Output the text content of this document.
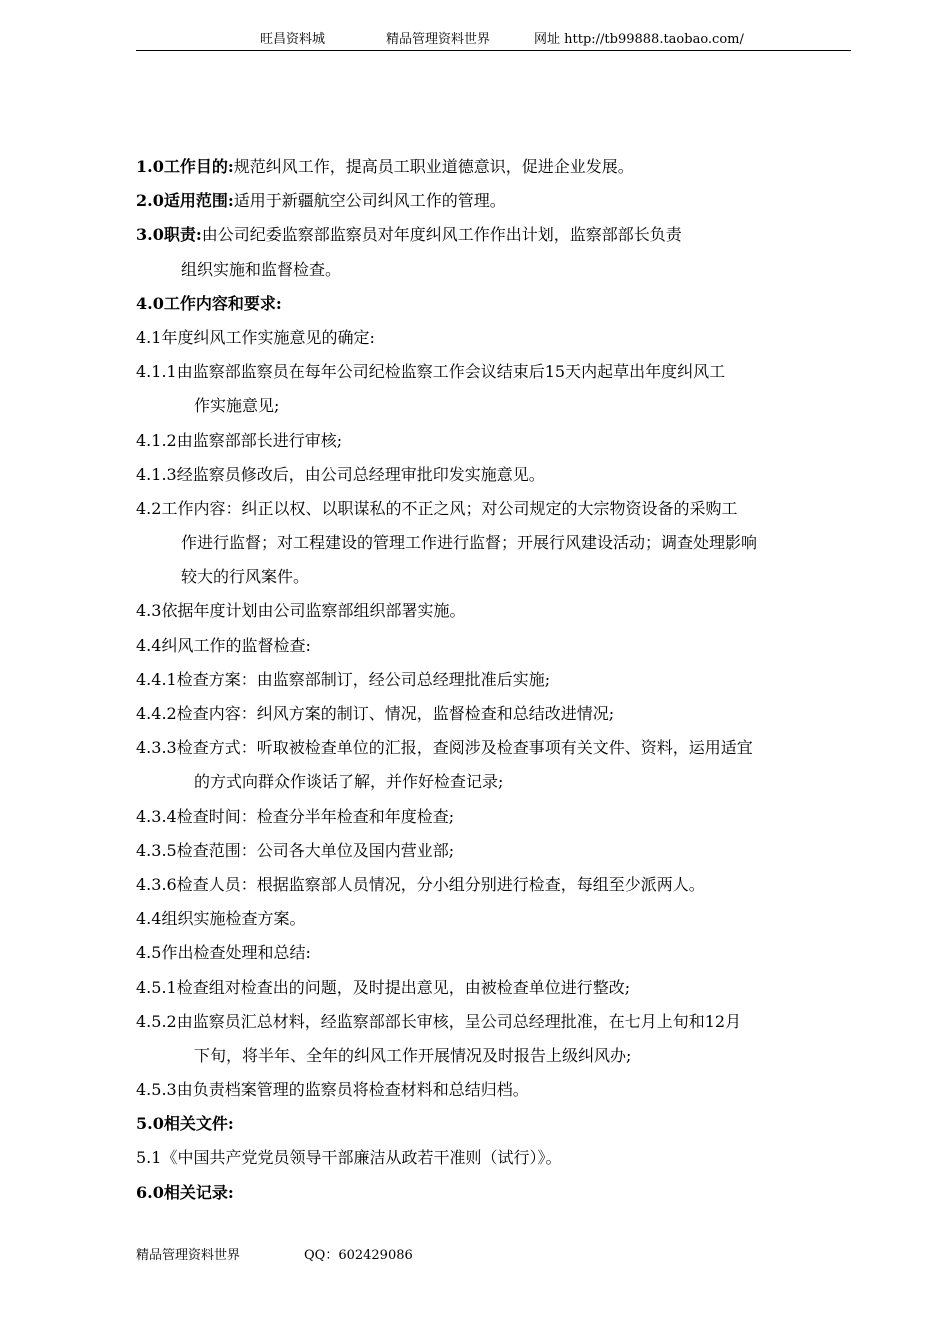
旺昌资料城	精品管理资料世界	网址 http://tb99888.taobao.com/
1.0工作目的:规范纠风工作，提高员工职业道德意识，促进企业发展。
2.0适用范围:适用于新疆航空公司纠风工作的管理。
3.0职责:由公司纪委监察部监察员对年度纠风工作作出计划，监察部部长负责
组织实施和监督检查。
4.0工作内容和要求:
4.1年度纠风工作实施意见的确定:
4.1.1由监察部监察员在每年公司纪检监察工作会议结束后15天内起草出年度纠风工
作实施意见;
4.1.2由监察部部长进行审核;
4.1.3经监察员修改后，由公司总经理审批印发实施意见。
4.2工作内容：纠正以权、以职谋私的不正之风；对公司规定的大宗物资设备的采购工
作进行监督；对工程建设的管理工作进行监督；开展行风建设活动；调查处理影响
较大的行风案件。
4.3依据年度计划由公司监察部组织部署实施。
4.4纠风工作的监督检查:
4.4.1检查方案：由监察部制订，经公司总经理批准后实施;
4.4.2检查内容：纠风方案的制订、情况，监督检查和总结改进情况;
4.3.3检查方式：听取被检查单位的汇报，查阅涉及检查事项有关文件、资料，运用适宜
的方式向群众作谈话了解，并作好检查记录;
4.3.4检查时间：检查分半年检查和年度检查;
4.3.5检查范围：公司各大单位及国内营业部;
4.3.6检查人员：根据监察部人员情况，分小组分别进行检查，每组至少派两人。
4.4组织实施检查方案。
4.5作出检查处理和总结:
4.5.1检查组对检查出的问题，及时提出意见，由被检查单位进行整改;
4.5.2由监察员汇总材料，经监察部部长审核，呈公司总经理批准，在七月上旬和12月
下旬，将半年、全年的纠风工作开展情况及时报告上级纠风办;
4.5.3由负责档案管理的监察员将检查材料和总结归档。
5.0相关文件:
5.1《中国共产党党员领导干部廉洁从政若干准则（试行）》。
6.0相关记录:
精品管理资料世界	QQ：602429086
